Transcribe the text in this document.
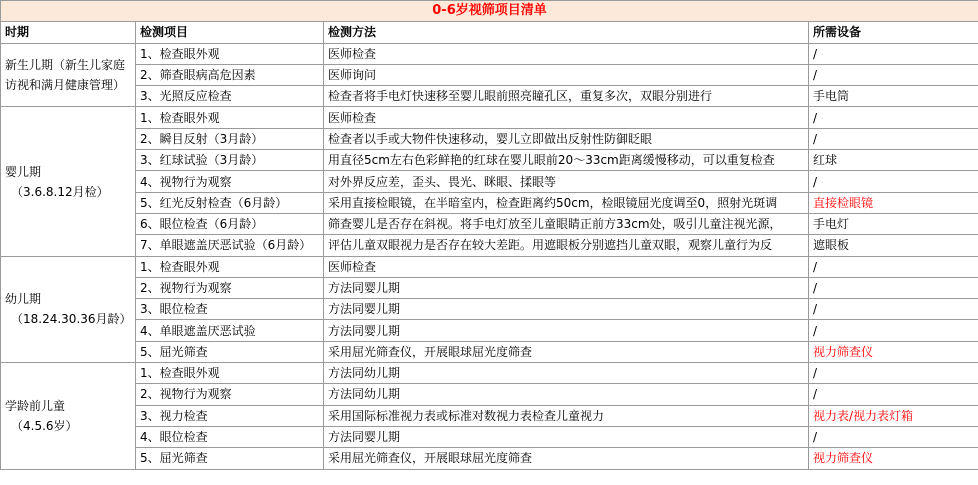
0-6岁视筛项目清单			
时期	检测项目	检测方法	所需设备

新生儿期（新生儿家庭
访视和满月健康管理）	1、检查眼外观	医师检查	/
	2、筛查眼病高危因素	医师询问	/
	3、光照反应检查	检查者将手电灯快速移至婴儿眼前照亮瞳孔区，重复多次，双眼分别进行	手电筒

婴儿期
（3.6.8.12月检）	1、检查眼外观	医师检查	/
	2、瞬目反射（3月龄）	检查者以手或大物件快速移动，婴儿立即做出反射性防御眨眼	/
	3、红球试验（3月龄）	用直径5cm左右色彩鲜艳的红球在婴儿眼前20～33cm距离缓慢移动，可以重复检查	红球
	4、视物行为观察	对外界反应差，歪头、畏光、眯眼、揉眼等	/
	5、红光反射检查（6月龄）	采用直接检眼镜，在半暗室内，检查距离约50cm，检眼镜屈光度调至0，照射光斑调	直接检眼镜
	6、眼位检查（6月龄）	筛查婴儿是否存在斜视。将手电灯放至儿童眼睛正前方33cm处，吸引儿童注视光源，	手电灯
	7、单眼遮盖厌恶试验（6月龄）	评估儿童双眼视力是否存在较大差距。用遮眼板分别遮挡儿童双眼，观察儿童行为反	遮眼板

幼儿期
（18.24.30.36月龄）	1、检查眼外观	医师检查	/
	2、视物行为观察	方法同婴儿期	/
	3、眼位检查	方法同婴儿期	/
	4、单眼遮盖厌恶试验	方法同婴儿期	/
	5、屈光筛查	采用屈光筛查仪，开展眼球屈光度筛查	视力筛查仪

学龄前儿童
（4.5.6岁）	1、检查眼外观	方法同幼儿期	/
	2、视物行为观察	方法同幼儿期	/
	3、视力检查	采用国际标准视力表或标准对数视力表检查儿童视力	视力表/视力表灯箱
	4、眼位检查	方法同婴儿期	/
	5、屈光筛查	采用屈光筛查仪，开展眼球屈光度筛查	视力筛查仪
